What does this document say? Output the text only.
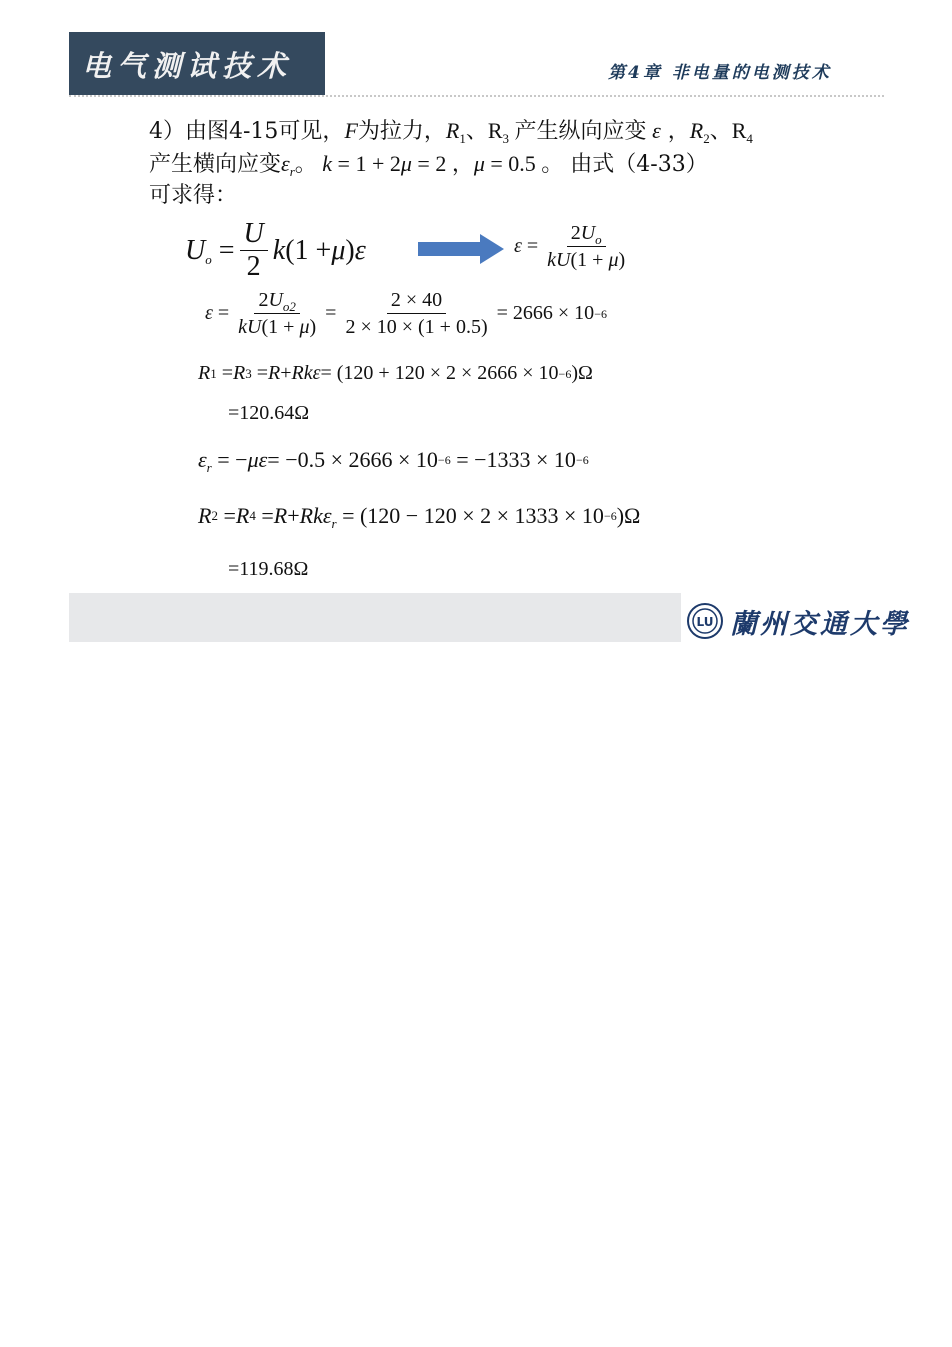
电气测试技术	第4章 非电量的电测技术
4）由图4-15可见，F为拉力，$R_1$、$R_3$ 产生纵向应变 ε ，$R_2$、$R_4$
产生横向应变$\varepsilon_r$。 k = 1 + 2μ = 2 ，μ = 0.5 。 由式（4-33）
可求得：
$U_o = \frac{U}{2}$ k (1 + μ ) ε	$\varepsilon = \frac{2U_o}{kU(1 + \mu)}$
$\varepsilon = \frac{2U_{o2}}{kU(1 + \mu)} = \frac{2 \times 40}{2 \times 10 \times (1 + 0.5)} = 2666 \times 10 -6$
R 1 = R 3 = R + Rkε = (120 + 120 × 2 × 2666 × 10 −6 )Ω
=120.64Ω
$\varepsilon_r$ = − με = −0.5 × 2666 × 10 −6 = −1333 × 10 −6
R 2 = R 4 = R + Rkε$_r$ = (120 − 120 × 2 × 1333 × 10 −6 )Ω
=119.68Ω
LU 蘭州交通大學
